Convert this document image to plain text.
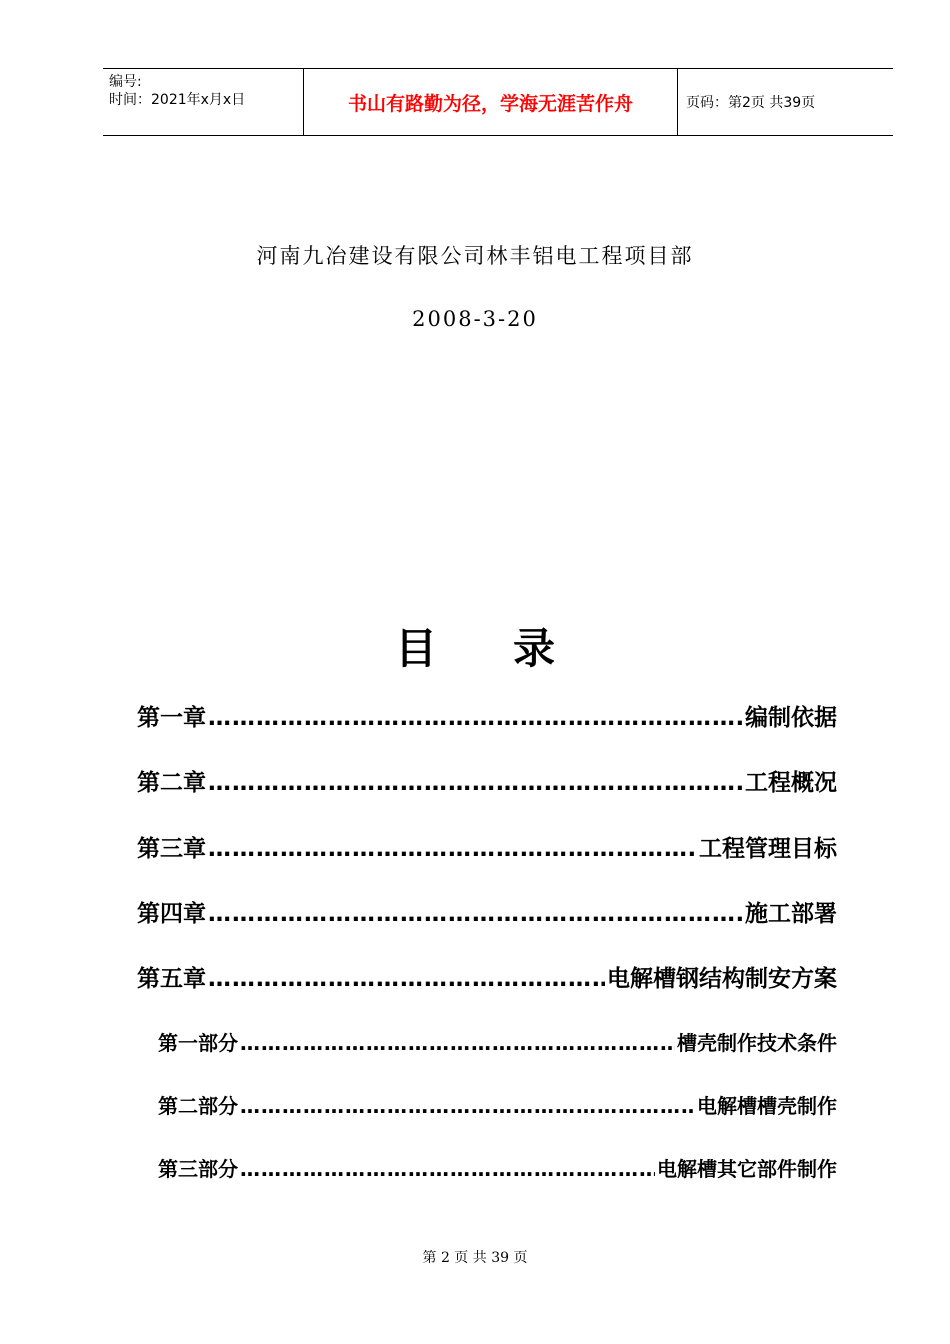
编号:
时间：2021年x月x日	书山有路勤为径，学海无涯苦作舟	页码：第2页 共39页
河南九冶建设有限公司林丰铝电工程项目部
2008-3-20
目 录
第一章 ……………………………………………………………………………………………………………………	编制依据
第二章 ……………………………………………………………………………………………………………………	工程概况
第三章 ……………………………………………………………………………………………………………………	工程管理目标
第四章 ……………………………………………………………………………………………………………………	施工部署
第五章 ……………………………………………………………………………………………………………………	电解槽钢结构制安方案
第一部分 ……………………………………………………………………………………………………………………	槽壳制作技术条件
第二部分 ……………………………………………………………………………………………………………………	电解槽槽壳制作
第三部分 ……………………………………………………………………………………………………………………	电解槽其它部件制作
第 2 页 共 39 页
